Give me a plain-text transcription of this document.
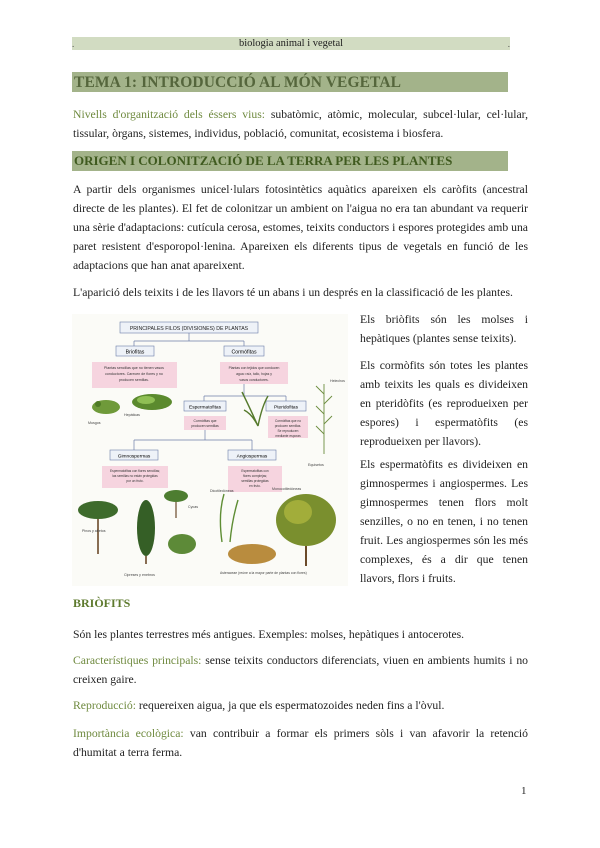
.	biologia animal i vegetal	.
TEMA 1: INTRODUCCIÓ AL MÓN VEGETAL

Nivells d'organització dels éssers vius: subatòmic, atòmic, molecular, subcel·lular, cel·lular, tissular, òrgans, sistemes, individus, població, comunitat, ecosistema i biosfera.

ORIGEN I COLONITZACIÓ DE LA TERRA PER LES PLANTES

A partir dels organismes unicel·lulars fotosintètics aquàtics apareixen els caròfits (ancestral directe de les plantes). El fet de colonitzar un ambient on l'aigua no era tan abundant va requerir una sèrie d'adaptacions: cutícula cerosa, estomes, teixits conductors i espores protegides amb una paret resistent d'esporopol·lenina. Apareixen els diferents tipus de vegetals en funció de les adaptacions que han anat apareixent.

L'aparició dels teixits i de les llavors té un abans i un després en la classificació de les plantes.

PRINCIPALES FILOS (DIVISIONES) DE PLANTAS
Briofitas	Cormófitas
Plantas sencillas que no tienen vasos conductores. Carecen de flores y no producen semillas.
Plantas con tejidos que conducen agua: raíz, tallo, hojas y vasos conductores.
Musgos
Hepáticas
Espermatofitas	Pteridofitas
Cormófitas que producen semillas
Cormófitas que no producen semillas. Se reproducen mediante esporas
Helechos
Equisetos
Gimnospermas	Angiospermas
Espermatofitas con flores sencillas; las semillas no están protegidas por un fruto.
Espermatofitas con flores complejas; semillas protegidas en fruto.
Pinos y abetos
Cipreses y enebros
Cycas
Monocotiledóneas
Dicotiledóneas
Asteraceae (reúne a la mayor parte de plantas con flores)

Els briòfits són les molses i hepàtiques (plantes sense teixits).

Els cormòfits són totes les plantes amb teixits les quals es divideixen en pteridòfits (es reprodueixen per espores) i espermatòfits (es reprodueixen per llavors).

Els espermatòfits es divideixen en gimnospermes i angiospermes. Les gimnospermes tenen flors molt senzilles, o no en tenen, i no tenen fruit. Les angiospermes són les més complexes, és a dir que tenen llavors, flors i fruits.

BRIÒFITS

Són les plantes terrestres més antigues. Exemples: molses, hepàtiques i antocerotes.

Característiques principals: sense teixits conductors diferenciats, viuen en ambients humits i no creixen gaire.

Reproducció: requereixen aigua, ja que els espermatozoides neden fins a l'òvul.

Importància ecològica: van contribuir a formar els primers sòls i van afavorir la retenció d'humitat a terra ferma.

1
